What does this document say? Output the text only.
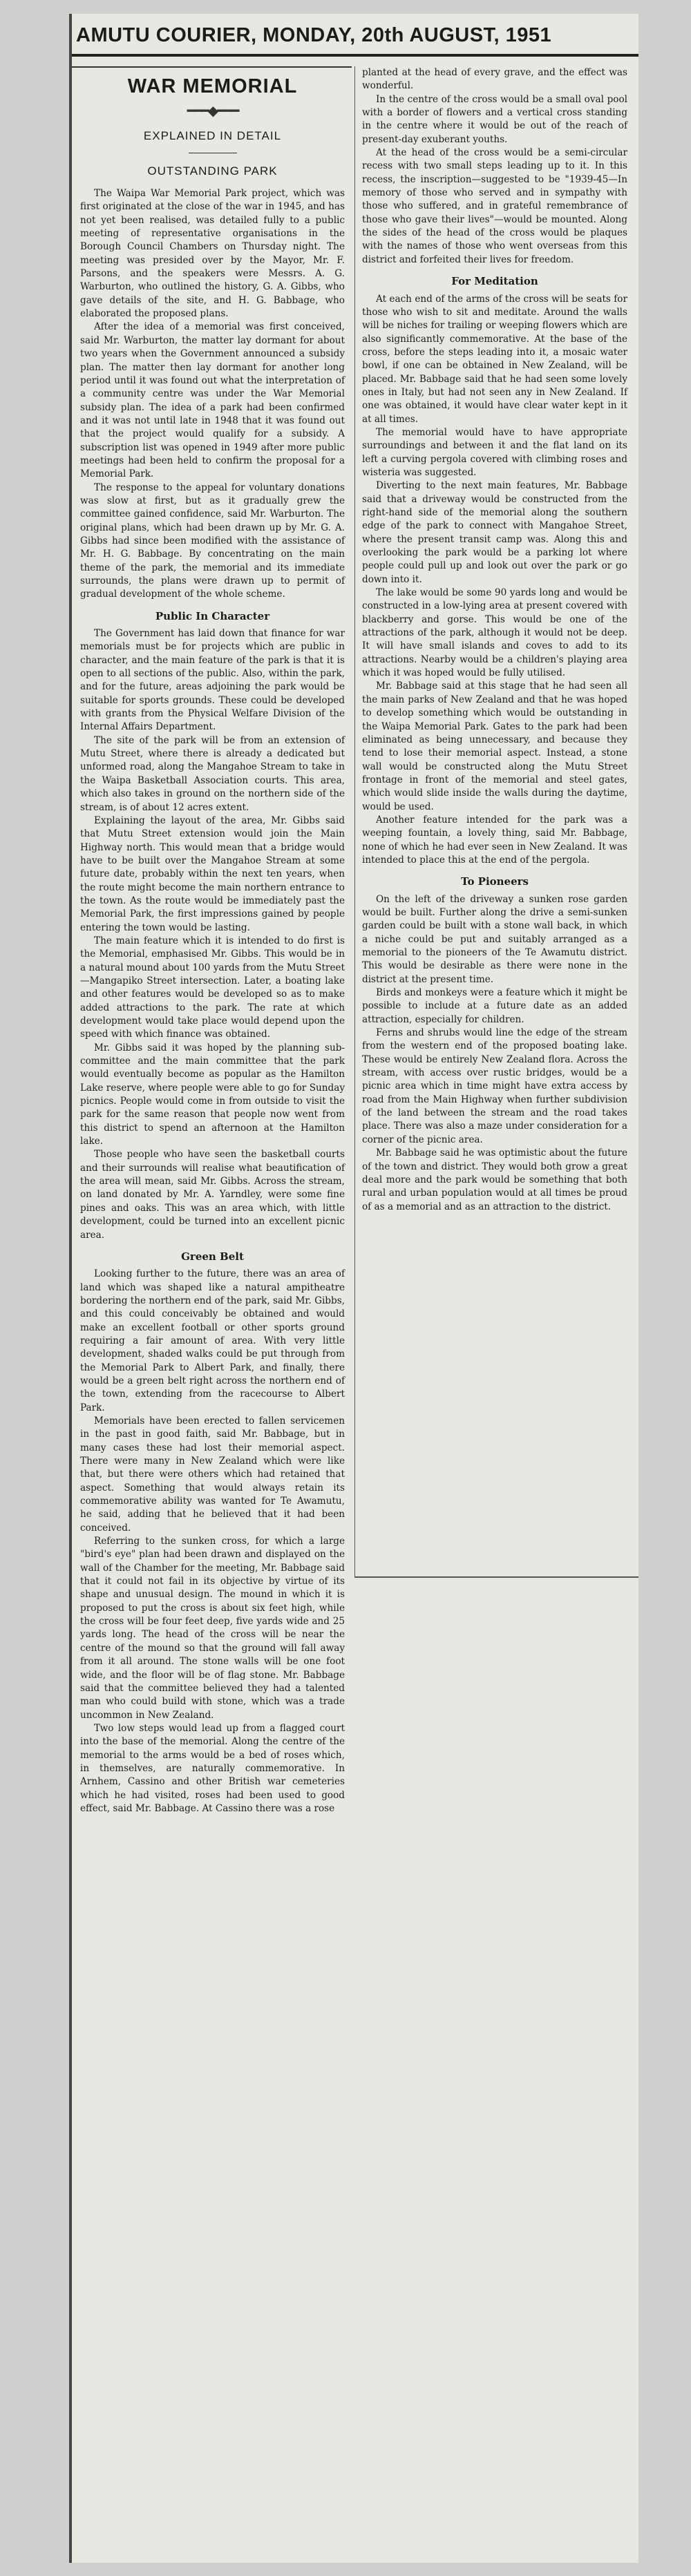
AMUTU COURIER, MONDAY, 20th AUGUST, 1951
WAR MEMORIAL
━━━◆━━━
EXPLAINED IN DETAIL
OUTSTANDING PARK

The Waipa War Memorial Park project, which was first originated at the close of the war in 1945, and has not yet been realised, was detailed fully to a public meeting of representative organisations in the Borough Council Chambers on Thursday night. The meeting was presided over by the Mayor, Mr. F. Parsons, and the speakers were Messrs. A. G. Warburton, who outlined the history, G. A. Gibbs, who gave details of the site, and H. G. Babbage, who elaborated the proposed plans.

After the idea of a memorial was first conceived, said Mr. Warburton, the matter lay dormant for about two years when the Government announced a subsidy plan. The matter then lay dormant for another long period until it was found out what the interpretation of a community centre was under the War Memorial subsidy plan. The idea of a park had been confirmed and it was not until late in 1948 that it was found out that the project would qualify for a subsidy. A subscription list was opened in 1949 after more public meetings had been held to confirm the proposal for a Memorial Park.

The response to the appeal for voluntary donations was slow at first, but as it gradually grew the committee gained confidence, said Mr. Warburton. The original plans, which had been drawn up by Mr. G. A. Gibbs had since been modified with the assistance of Mr. H. G. Babbage. By concentrating on the main theme of the park, the memorial and its immediate surrounds, the plans were drawn up to permit of gradual development of the whole scheme.

Public In Character

The Government has laid down that finance for war memorials must be for projects which are public in character, and the main feature of the park is that it is open to all sections of the public. Also, within the park, and for the future, areas adjoining the park would be suitable for sports grounds. These could be developed with grants from the Physical Welfare Division of the Internal Affairs Department.

The site of the park will be from an extension of Mutu Street, where there is already a dedicated but unformed road, along the Mangahoe Stream to take in the Waipa Basketball Association courts. This area, which also takes in ground on the northern side of the stream, is of about 12 acres extent.

Explaining the layout of the area, Mr. Gibbs said that Mutu Street extension would join the Main Highway north. This would mean that a bridge would have to be built over the Mangahoe Stream at some future date, probably within the next ten years, when the route might become the main northern entrance to the town. As the route would be immediately past the Memorial Park, the first impressions gained by people entering the town would be lasting.

The main feature which it is intended to do first is the Memorial, emphasised Mr. Gibbs. This would be in a natural mound about 100 yards from the Mutu Street—Mangapiko Street intersection. Later, a boating lake and other features would be developed so as to make added attractions to the park. The rate at which development would take place would depend upon the speed with which finance was obtained.

Mr. Gibbs said it was hoped by the planning sub-committee and the main committee that the park would eventually become as popular as the Hamilton Lake reserve, where people were able to go for Sunday picnics. People would come in from outside to visit the park for the same reason that people now went from this district to spend an afternoon at the Hamilton lake.

Those people who have seen the basketball courts and their surrounds will realise what beautification of the area will mean, said Mr. Gibbs. Across the stream, on land donated by Mr. A. Yarndley, were some fine pines and oaks. This was an area which, with little development, could be turned into an excellent picnic area.

Green Belt

Looking further to the future, there was an area of land which was shaped like a natural ampitheatre bordering the northern end of the park, said Mr. Gibbs, and this could conceivably be obtained and would make an excellent football or other sports ground requiring a fair amount of area. With very little development, shaded walks could be put through from the Memorial Park to Albert Park, and finally, there would be a green belt right across the northern end of the town, extending from the racecourse to Albert Park.

Memorials have been erected to fallen servicemen in the past in good faith, said Mr. Babbage, but in many cases these had lost their memorial aspect. There were many in New Zealand which were like that, but there were others which had retained that aspect. Something that would always retain its commemorative ability was wanted for Te Awamutu, he said, adding that he believed that it had been conceived.

Referring to the sunken cross, for which a large "bird's eye" plan had been drawn and displayed on the wall of the Chamber for the meeting, Mr. Babbage said that it could not fail in its objective by virtue of its shape and unusual design. The mound in which it is proposed to put the cross is about six feet high, while the cross will be four feet deep, five yards wide and 25 yards long. The head of the cross will be near the centre of the mound so that the ground will fall away from it all around. The stone walls will be one foot wide, and the floor will be of flag stone. Mr. Babbage said that the committee believed they had a talented man who could build with stone, which was a trade uncommon in New Zealand.

Two low steps would lead up from a flagged court into the base of the memorial. Along the centre of the memorial to the arms would be a bed of roses which, in themselves, are naturally commemorative. In Arnhem, Cassino and other British war cemeteries which he had visited, roses had been used to good effect, said Mr. Babbage. At Cassino there was a rose

planted at the head of every grave, and the effect was wonderful.

In the centre of the cross would be a small oval pool with a border of flowers and a vertical cross standing in the centre where it would be out of the reach of present-day exuberant youths.

At the head of the cross would be a semi-circular recess with two small steps leading up to it. In this recess, the inscription—suggested to be "1939-45—In memory of those who served and in sympathy with those who suffered, and in grateful remembrance of those who gave their lives"—would be mounted. Along the sides of the head of the cross would be plaques with the names of those who went overseas from this district and forfeited their lives for freedom.

For Meditation

At each end of the arms of the cross will be seats for those who wish to sit and meditate. Around the walls will be niches for trailing or weeping flowers which are also significantly commemorative. At the base of the cross, before the steps leading into it, a mosaic water bowl, if one can be obtained in New Zealand, will be placed. Mr. Babbage said that he had seen some lovely ones in Italy, but had not seen any in New Zealand. If one was obtained, it would have clear water kept in it at all times.

The memorial would have to have appropriate surroundings and between it and the flat land on its left a curving pergola covered with climbing roses and wisteria was suggested.

Diverting to the next main features, Mr. Babbage said that a driveway would be constructed from the right-hand side of the memorial along the southern edge of the park to connect with Mangahoe Street, where the present transit camp was. Along this and overlooking the park would be a parking lot where people could pull up and look out over the park or go down into it.

The lake would be some 90 yards long and would be constructed in a low-lying area at present covered with blackberry and gorse. This would be one of the attractions of the park, although it would not be deep. It will have small islands and coves to add to its attractions. Nearby would be a children's playing area which it was hoped would be fully utilised.

Mr. Babbage said at this stage that he had seen all the main parks of New Zealand and that he was hoped to develop something which would be outstanding in the Waipa Memorial Park. Gates to the park had been eliminated as being unnecessary, and because they tend to lose their memorial aspect. Instead, a stone wall would be constructed along the Mutu Street frontage in front of the memorial and steel gates, which would slide inside the walls during the daytime, would be used.

Another feature intended for the park was a weeping fountain, a lovely thing, said Mr. Babbage, none of which he had ever seen in New Zealand. It was intended to place this at the end of the pergola.

To Pioneers

On the left of the driveway a sunken rose garden would be built. Further along the drive a semi-sunken garden could be built with a stone wall back, in which a niche could be put and suitably arranged as a memorial to the pioneers of the Te Awamutu district. This would be desirable as there were none in the district at the present time.

Birds and monkeys were a feature which it might be possible to include at a future date as an added attraction, especially for children.

Ferns and shrubs would line the edge of the stream from the western end of the proposed boating lake. These would be entirely New Zealand flora. Across the stream, with access over rustic bridges, would be a picnic area which in time might have extra access by road from the Main Highway when further subdivision of the land between the stream and the road takes place. There was also a maze under consideration for a corner of the picnic area.

Mr. Babbage said he was optimistic about the future of the town and district. They would both grow a great deal more and the park would be something that both rural and urban population would at all times be proud of as a memorial and as an attraction to the district.
